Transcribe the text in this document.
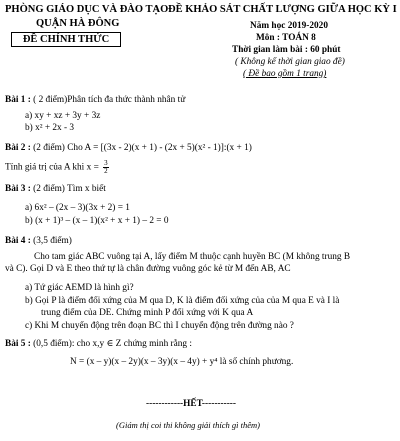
PHÒNG GIÁO DỤC VÀ ĐÀO TẠO
QUẬN HÀ ĐÔNG
ĐỀ CHÍNH THỨC
ĐỀ KHẢO SÁT CHẤT LƯỢNG GIỮA HỌC KỲ I
Năm học 2019-2020
Môn : TOÁN 8
Thời gian làm bài : 60 phút
( Không kể thời gian giao đề)
( Đề bao gồm 1 trang)
Bài 1 : ( 2 điểm)Phân tích đa thức thành nhân tử
a) xy + xz + 3y + 3z
b) x² + 2x - 3
Bài 2 : (2 điểm) Cho A = [(3x - 2)(x + 1) - (2x + 5)(x² - 1)]:(x + 1)
Tính giá trị của A khi $x = \frac{3}{2}$
Bài 3 : (2 điểm) Tìm x biết
a) 6x² – (2x – 3)(3x + 2) = 1
b) (x + 1)³ – (x – 1)(x² + x + 1) – 2 = 0
Bài 4 : (3,5 điểm)
Cho tam giác ABC vuông tại A, lấy điểm M thuộc cạnh huyền BC (M không trung B
và C). Gọi D và E theo thứ tự là chân đường vuông góc kẻ từ M đến AB, AC
a) Tứ giác AEMD là hình gì?
b) Gọi P là điểm đối xứng của M qua D, K là điểm đối xứng của của M qua E và I là
trung điểm của DE. Chứng minh P đối xứng với K qua A
c) Khi M chuyển động trên đoạn BC thì I chuyển động trên đường nào ?
Bài 5 : (0,5 điểm): cho x,y ∈ Z chứng minh rằng :
N = (x – y)(x – 2y)(x – 3y)(x – 4y) + y⁴ là số chính phương.
------------HẾT-----------
(Giám thị coi thi không giải thích gì thêm)
